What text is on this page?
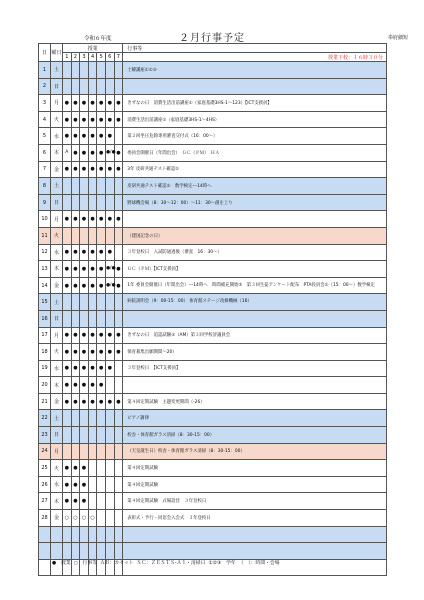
令和６年度	２月行事予定	奉府細短
日	曜日	授業							行事等
		1	2	3	4	5	6	7	授業下校：１６時３０分
1	土								土曜講座①②③
2	日								
3	月	●	●	●	●	●	●	●	きずなの日　消費生活出前講座①（家庭基礎3HS-1～123）【ICT支援員】
4	火	●	●	●	●	●	●	●	消費生活出前講座①（家庭基礎3HS-1～4HS）
5	水	●	●	●	●	●	●		第２回坐圧危除専用審査交付式（16：00～）
6	木	A	●	●	●	●	●/●	●	委員会開催日（年間出会）　ＧＣ（ＰＭ）　ＨＡ
7	金	●	●	●	●	●	●	●	3年 皮研共通テスト確認②
8	土								皮研共通テスト確認②　数学検定---14時へ
9	日								野球機会場（8：30～12：00）～11：30～創を上り
10	月	●	●	●	●	●	●	●	
11	火								（建国記念の日）
12	水	●	●	●	●	●	●		３年登校日　入試防通過後（審査　16：30～）
13	木	●	●	●	●	●	●/●	●	ＧＣ（ＰＭ）【ICT支援員】
14	金	●	●	●	●	●	●/●	●	1年 委員会開催日（年間出会）---14時へ　時間補充開始⑤　第３回生徒アンケート配布　PTA役員会②（15：00～）数学検定
15	土								病院説明会（9：00-15：00） 体育館ステージ改修機械（16）
16	日								
17	月	●	●	●	●	●	●	●	きずなの日　追認試験③（AM）第３回学校評議員会
18	火	●	●	●	●	●	●	●	保育募集出願期間～20）
19	水	●	●	●	●	●	●		３年登校日　【ICT支援員】
20	木	●	●	●	●	●			
21	金	●	●	●	●	●	●	●	第４回定期試験　主題変更期間（-26）
22	土								ピアノ調律
23	日								校舎・体育館ガラス清掃（8：30-15：00）
24	月								（天皇誕生日）校舎・体育館ガラス清掃（8：30-15：00）
25	火	●	●	●					第４回定期試験
26	水	●	●	●					第４回定期試験
27	木	●	●	●					第４回定期試験　式場設営　３年登校日
28	金	○	○	○	○				表彰式・予行・同窓会入会式　３年登校日

●　授業 ○　行事等 ＡＢ：カセット ＳＣ：ＺＥＳＴＳ-Ａ１・清掃日 ①②③　学年 （　）：時間・会場
